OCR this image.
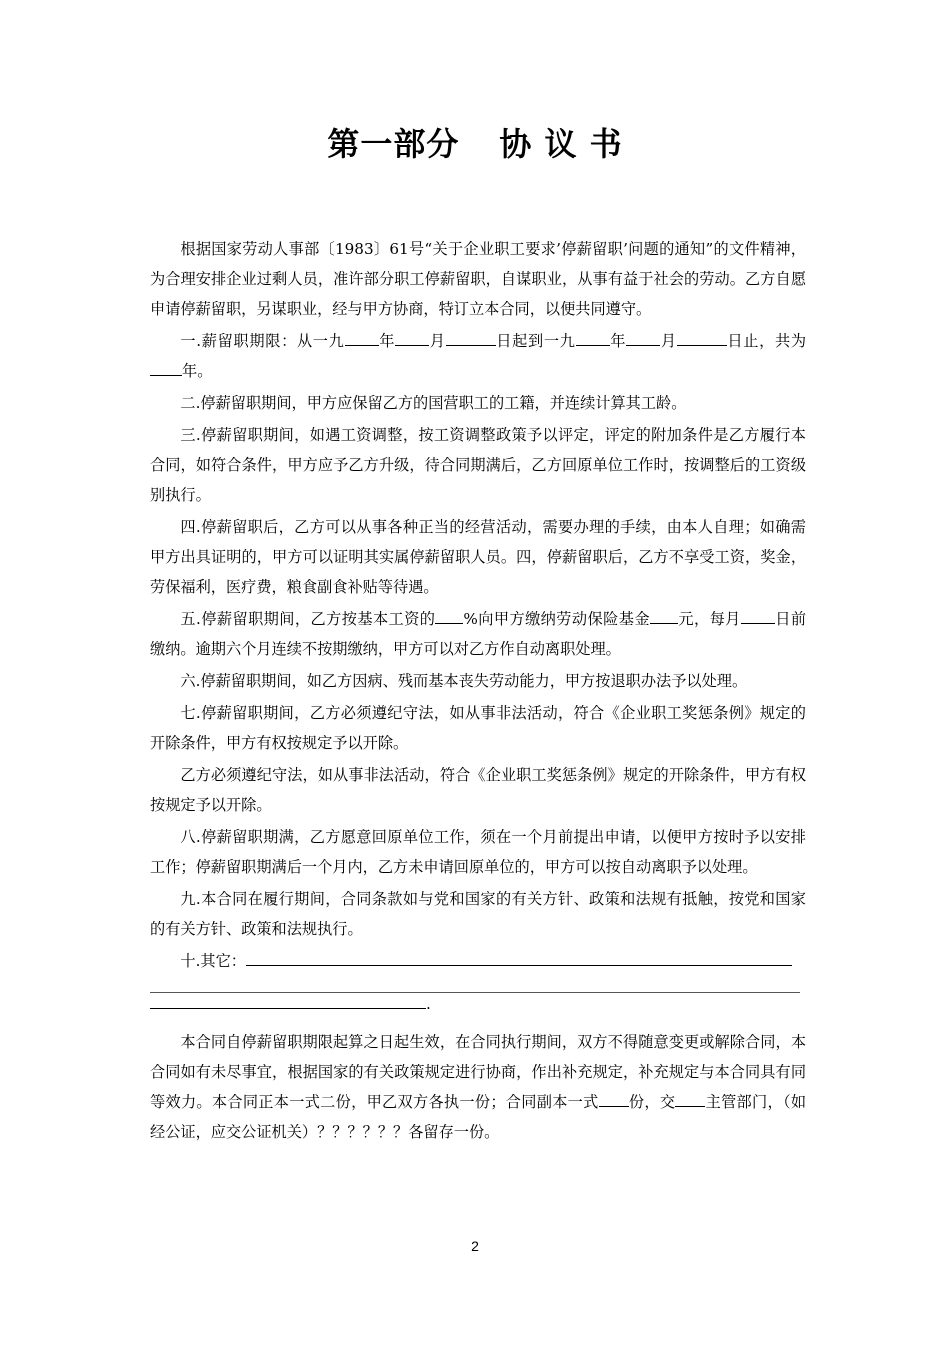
第一部分 协 议 书

根据国家劳动人事部〔1983〕61号“关于企业职工要求’停薪留职’问题的通知”的文件精神，为合理安排企业过剩人员，准许部分职工停薪留职，自谋职业，从事有益于社会的劳动。乙方自愿申请停薪留职，另谋职业，经与甲方协商，特订立本合同，以便共同遵守。

一.薪留职期限：从一九 年 月	日起到一九 年 月	日止，共为年。

二.停薪留职期间，甲方应保留乙方的国营职工的工籍，并连续计算其工龄。

三.停薪留职期间，如遇工资调整，按工资调整政策予以评定，评定的附加条件是乙方履行本合同，如符合条件，甲方应予乙方升级，待合同期满后，乙方回原单位工作时，按调整后的工资级别执行。

四.停薪留职后，乙方可以从事各种正当的经营活动，需要办理的手续，由本人自理；如确需甲方出具证明的，甲方可以证明其实属停薪留职人员。四，停薪留职后，乙方不享受工资，奖金，劳保福利，医疗费，粮食副食补贴等待遇。

五.停薪留职期间，乙方按基本工资的 %向甲方缴纳劳动保险基金 元，每月 日前缴纳。逾期六个月连续不按期缴纳，甲方可以对乙方作自动离职处理。

六.停薪留职期间，如乙方因病、残而基本丧失劳动能力，甲方按退职办法予以处理。

七.停薪留职期间，乙方必须遵纪守法，如从事非法活动，符合《企业职工奖惩条例》规定的开除条件，甲方有权按规定予以开除。

乙方必须遵纪守法，如从事非法活动，符合《企业职工奖惩条例》规定的开除条件，甲方有权按规定予以开除。

八.停薪留职期满，乙方愿意回原单位工作，须在一个月前提出申请，以便甲方按时予以安排工作；停薪留职期满后一个月内，乙方未申请回原单位的，甲方可以按自动离职予以处理。

九.本合同在履行期间，合同条款如与党和国家的有关方针、政策和法规有抵触，按党和国家的有关方针、政策和法规执行。

十.其它：

.

本合同自停薪留职期限起算之日起生效，在合同执行期间，双方不得随意变更或解除合同，本合同如有未尽事宜，根据国家的有关政策规定进行协商，作出补充规定，补充规定与本合同具有同等效力。本合同正本一式二份，甲乙双方各执一份；合同副本一式 份，交 主管部门，（如经公证，应交公证机关）？？？？？？各留存一份。

2
